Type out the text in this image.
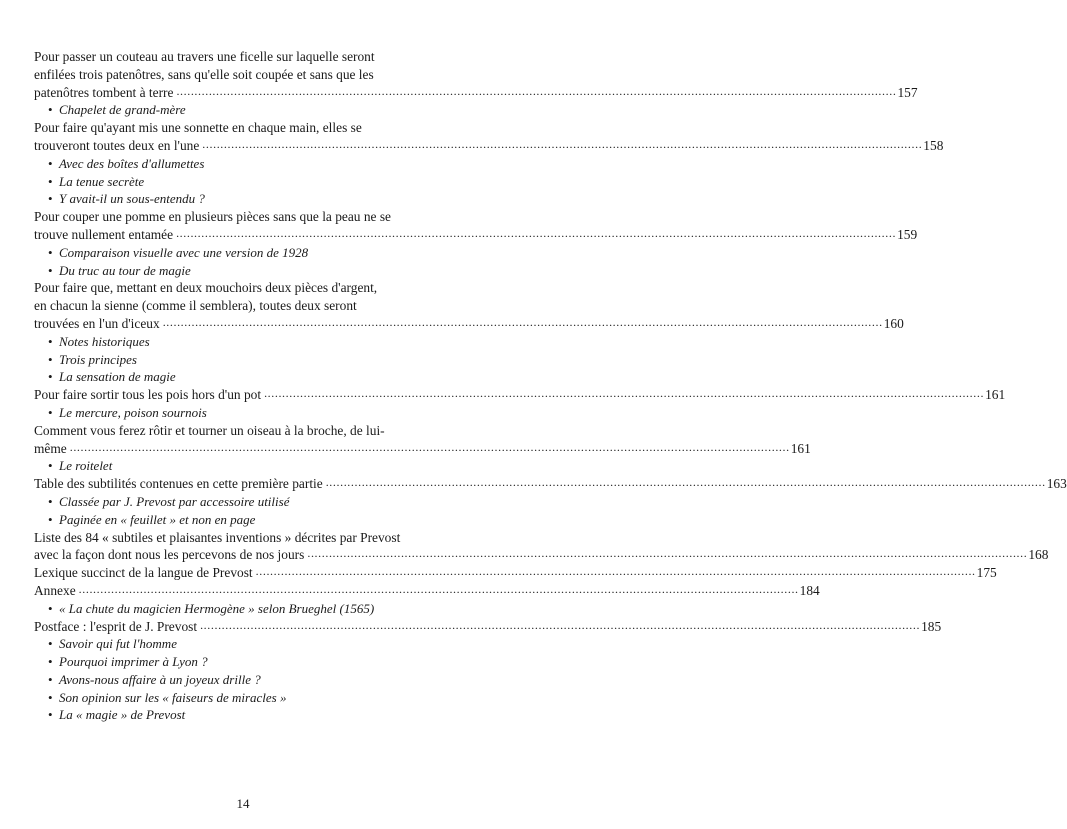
Pour passer un couteau au travers une ficelle sur laquelle seront
enfilées trois patenôtres, sans qu'elle soit coupée et sans que les
patenôtres tombent à terre ........................................................................................................................................................................................................ 157
• Chapelet de grand-mère
Pour faire qu'ayant mis une sonnette en chaque main, elles se
trouveront toutes deux en l'une ........................................................................................................................................................................................................ 158
• Avec des boîtes d'allumettes
• La tenue secrète
• Y avait-il un sous-entendu ?
Pour couper une pomme en plusieurs pièces sans que la peau ne se
trouve nullement entamée ........................................................................................................................................................................................................ 159
• Comparaison visuelle avec une version de 1928
• Du truc au tour de magie
Pour faire que, mettant en deux mouchoirs deux pièces d'argent,
en chacun la sienne (comme il semblera), toutes deux seront
trouvées en l'un d'iceux ........................................................................................................................................................................................................ 160
• Notes historiques
• Trois principes
• La sensation de magie
Pour faire sortir tous les pois hors d'un pot ........................................................................................................................................................................................................ 161
• Le mercure, poison sournois
Comment vous ferez rôtir et tourner un oiseau à la broche, de lui-
même ........................................................................................................................................................................................................ 161
• Le roitelet
Table des subtilités contenues en cette première partie ........................................................................................................................................................................................................ 163
• Classée par J. Prevost par accessoire utilisé
• Paginée en « feuillet » et non en page
Liste des 84 « subtiles et plaisantes inventions » décrites par Prevost
avec la façon dont nous les percevons de nos jours ........................................................................................................................................................................................................ 168
Lexique succinct de la langue de Prevost ........................................................................................................................................................................................................ 175
Annexe ........................................................................................................................................................................................................ 184
• « La chute du magicien Hermogène » selon Brueghel (1565)
Postface : l'esprit de J. Prevost ........................................................................................................................................................................................................ 185
• Savoir qui fut l'homme
• Pourquoi imprimer à Lyon ?
• Avons-nous affaire à un joyeux drille ?
• Son opinion sur les « faiseurs de miracles »
• La « magie » de Prevost
14
